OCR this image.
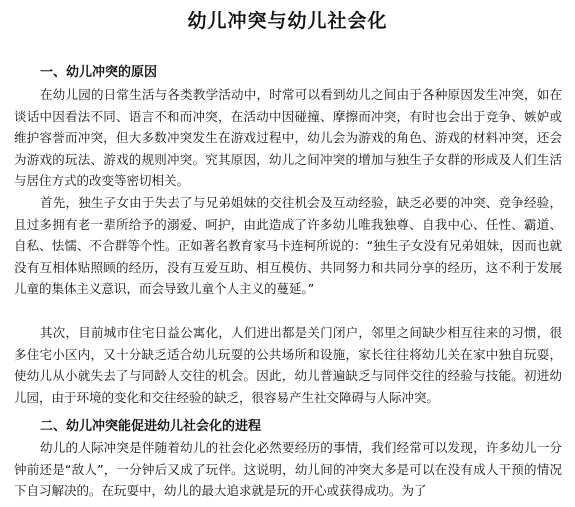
幼儿冲突与幼儿社会化
一、幼儿冲突的原因
在幼儿园的日常生活与各类教学活动中，时常可以看到幼儿之间由于各种原因发生冲突，如在谈话中因看法不同、语言不和而冲突，在活动中因碰撞、摩擦而冲突，有时也会出于竞争、嫉妒或维护容誉而冲突，但大多数冲突发生在游戏过程中，幼儿会为游戏的角色、游戏的材料冲突，还会为游戏的玩法、游戏的规则冲突。究其原因，幼儿之间冲突的增加与独生子女群的形成及人们生活与居住方式的改变等密切相关。
首先，独生子女由于失去了与兄弟姐妹的交往机会及互动经验，缺乏必要的冲突、竞争经验，且过多拥有老一辈所给予的溺爱、呵护，由此造成了许多幼儿唯我独尊、自我中心、任性、霸道、自私、怯懦、不合群等个性。正如著名教育家马卡连柯所说的：“独生子女没有兄弟姐妹，因而也就没有互相体贴照顾的经历，没有互爱互助、相互模仿、共同努力和共同分享的经历，这不利于发展儿童的集体主义意识，而会导致儿童个人主义的蔓延。”
其次，目前城市住宅日益公寓化，人们进出都是关门闭户，邻里之间缺少相互往来的习惯，很多住宅小区内，又十分缺乏适合幼儿玩耍的公共场所和设施，家长往往将幼儿关在家中独自玩耍，使幼儿从小就失去了与同龄人交往的机会。因此，幼儿普遍缺乏与同伴交往的经验与技能。初进幼儿园，由于环境的变化和交往经验的缺乏，很容易产生社交障碍与人际冲突。
二、幼儿冲突能促进幼儿社会化的进程
幼儿的人际冲突是伴随着幼儿的社会化必然要经历的事情，我们经常可以发现，许多幼儿一分钟前还是“敌人”，一分钟后又成了玩伴。这说明，幼儿间的冲突大多是可以在没有成人干预的情况下自习解决的。在玩耍中，幼儿的最大追求就是玩的开心或获得成功。为了
